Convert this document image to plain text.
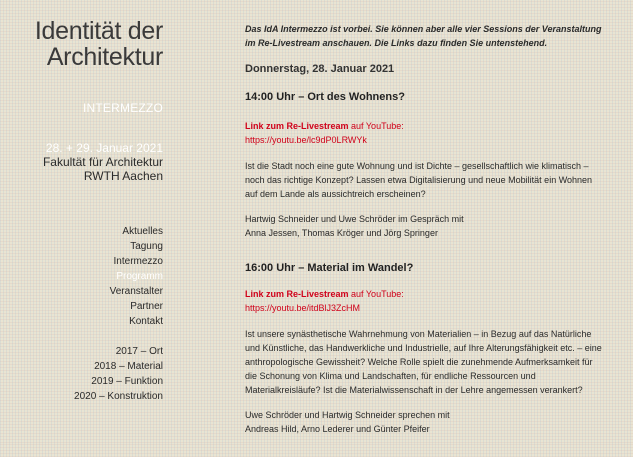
Identität der Architektur
INTERMEZZO
28. + 29. Januar 2021
Fakultät für Architektur
RWTH Aachen
Aktuelles
Tagung
Intermezzo
Programm
Veranstalter
Partner
Kontakt
2017 – Ort
2018 – Material
2019 – Funktion
2020 – Konstruktion

Das IdA Intermezzo ist vorbei. Sie können aber alle vier Sessions der Veranstaltung im Re-Livestream anschauen. Die Links dazu finden Sie untenstehend.

Donnerstag, 28. Januar 2021
14:00 Uhr – Ort des Wohnens?

Link zum Re-Livestream auf YouTube:

https://youtu.be/lc9dP0LRWYk

Ist die Stadt noch eine gute Wohnung und ist Dichte – gesellschaftlich wie klimatisch – noch das richtige Konzept? Lassen etwa Digitalisierung und neue Mobilität ein Wohnen auf dem Lande als aussichtreich erscheinen?

Hartwig Schneider und Uwe Schröder im Gespräch mit
Anna Jessen, Thomas Kröger und Jörg Springer

16:00 Uhr – Material im Wandel?

Link zum Re-Livestream auf YouTube:

https://youtu.be/itdBlJ3ZcHM

Ist unsere synästhetische Wahrnehmung von Materialien – in Bezug auf das Natürliche und Künstliche, das Handwerkliche und Industrielle, auf Ihre Alterungsfähigkeit etc. – eine anthropologische Gewissheit? Welche Rolle spielt die zunehmende Aufmerksamkeit für die Schonung von Klima und Landschaften, für endliche Ressourcen und Materialkreisläufe? Ist die Materialwissenschaft in der Lehre angemessen verankert?

Uwe Schröder und Hartwig Schneider sprechen mit
Andreas Hild, Arno Lederer und Günter Pfeifer
